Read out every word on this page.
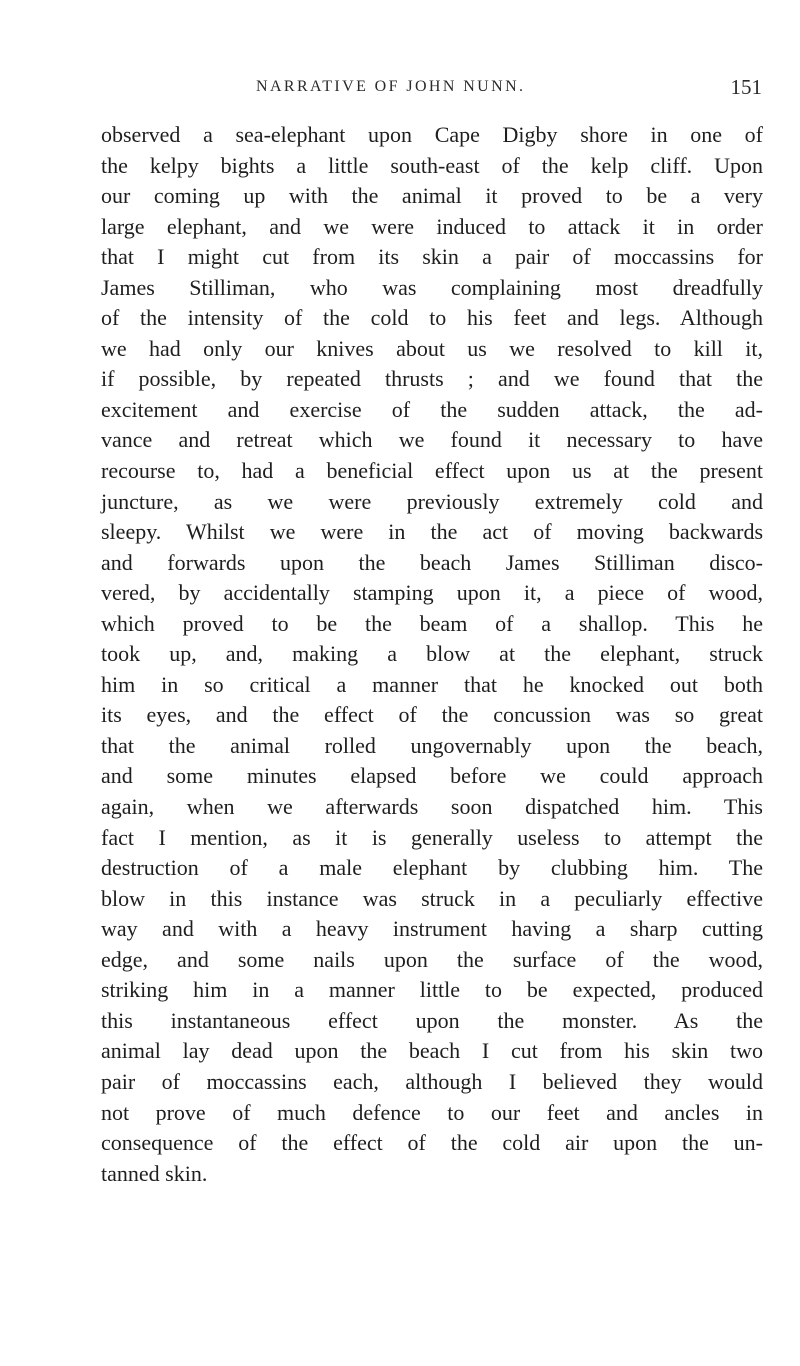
NARRATIVE OF JOHN NUNN.	151
observed a sea-elephant upon Cape Digby shore in one of
the kelpy bights a little south-east of the kelp cliff. Upon
our coming up with the animal it proved to be a very
large elephant, and we were induced to attack it in order
that I might cut from its skin a pair of moccassins for
James Stilliman, who was complaining most dreadfully
of the intensity of the cold to his feet and legs. Although
we had only our knives about us we resolved to kill it,
if possible, by repeated thrusts ; and we found that the
excitement and exercise of the sudden attack, the ad-
vance and retreat which we found it necessary to have
recourse to, had a beneficial effect upon us at the present
juncture, as we were previously extremely cold and
sleepy. Whilst we were in the act of moving backwards
and forwards upon the beach James Stilliman disco-
vered, by accidentally stamping upon it, a piece of wood,
which proved to be the beam of a shallop. This he
took up, and, making a blow at the elephant, struck
him in so critical a manner that he knocked out both
its eyes, and the effect of the concussion was so great
that the animal rolled ungovernably upon the beach,
and some minutes elapsed before we could approach
again, when we afterwards soon dispatched him. This
fact I mention, as it is generally useless to attempt the
destruction of a male elephant by clubbing him. The
blow in this instance was struck in a peculiarly effective
way and with a heavy instrument having a sharp cutting
edge, and some nails upon the surface of the wood,
striking him in a manner little to be expected, produced
this instantaneous effect upon the monster. As the
animal lay dead upon the beach I cut from his skin two
pair of moccassins each, although I believed they would
not prove of much defence to our feet and ancles in
consequence of the effect of the cold air upon the un-
tanned skin.
